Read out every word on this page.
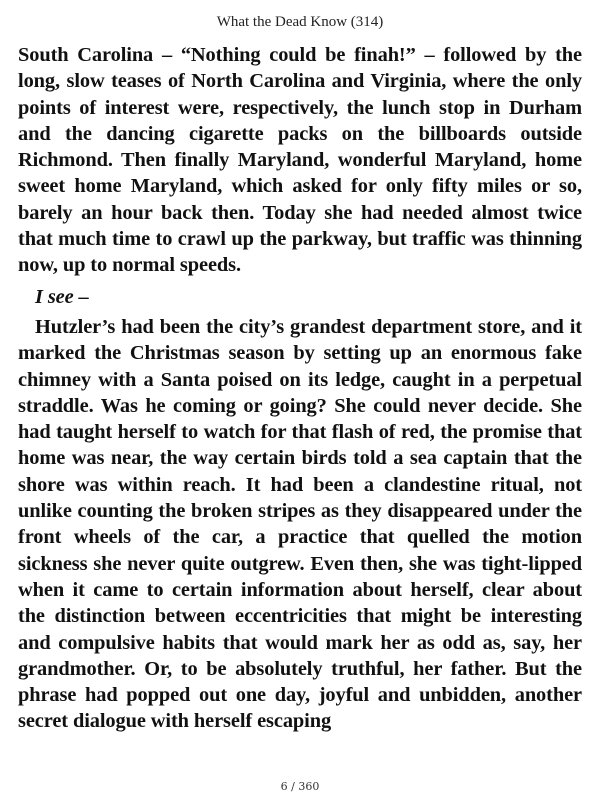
What the Dead Know (314)

South Carolina – “Nothing could be finah!” – followed by the long, slow teases of North Carolina and Virginia, where the only points of interest were, respectively, the lunch stop in Durham and the dancing cigarette packs on the billboards outside Richmond. Then finally Maryland, wonderful Maryland, home sweet home Maryland, which asked for only fifty miles or so, barely an hour back then. Today she had needed almost twice that much time to crawl up the parkway, but traffic was thinning now, up to normal speeds.

I see –

Hutzler’s had been the city’s grandest department store, and it marked the Christmas season by setting up an enormous fake chimney with a Santa poised on its ledge, caught in a perpetual straddle. Was he coming or going? She could never decide. She had taught herself to watch for that flash of red, the promise that home was near, the way certain birds told a sea captain that the shore was within reach. It had been a clandestine ritual, not unlike counting the broken stripes as they disappeared under the front wheels of the car, a practice that quelled the motion sickness she never quite outgrew. Even then, she was tight-lipped when it came to certain information about herself, clear about the distinction between eccentricities that might be interesting and compulsive habits that would mark her as odd as, say, her grandmother. Or, to be absolutely truthful, her father. But the phrase had popped out one day, joyful and unbidden, another secret dialogue with herself escaping

6 / 360
